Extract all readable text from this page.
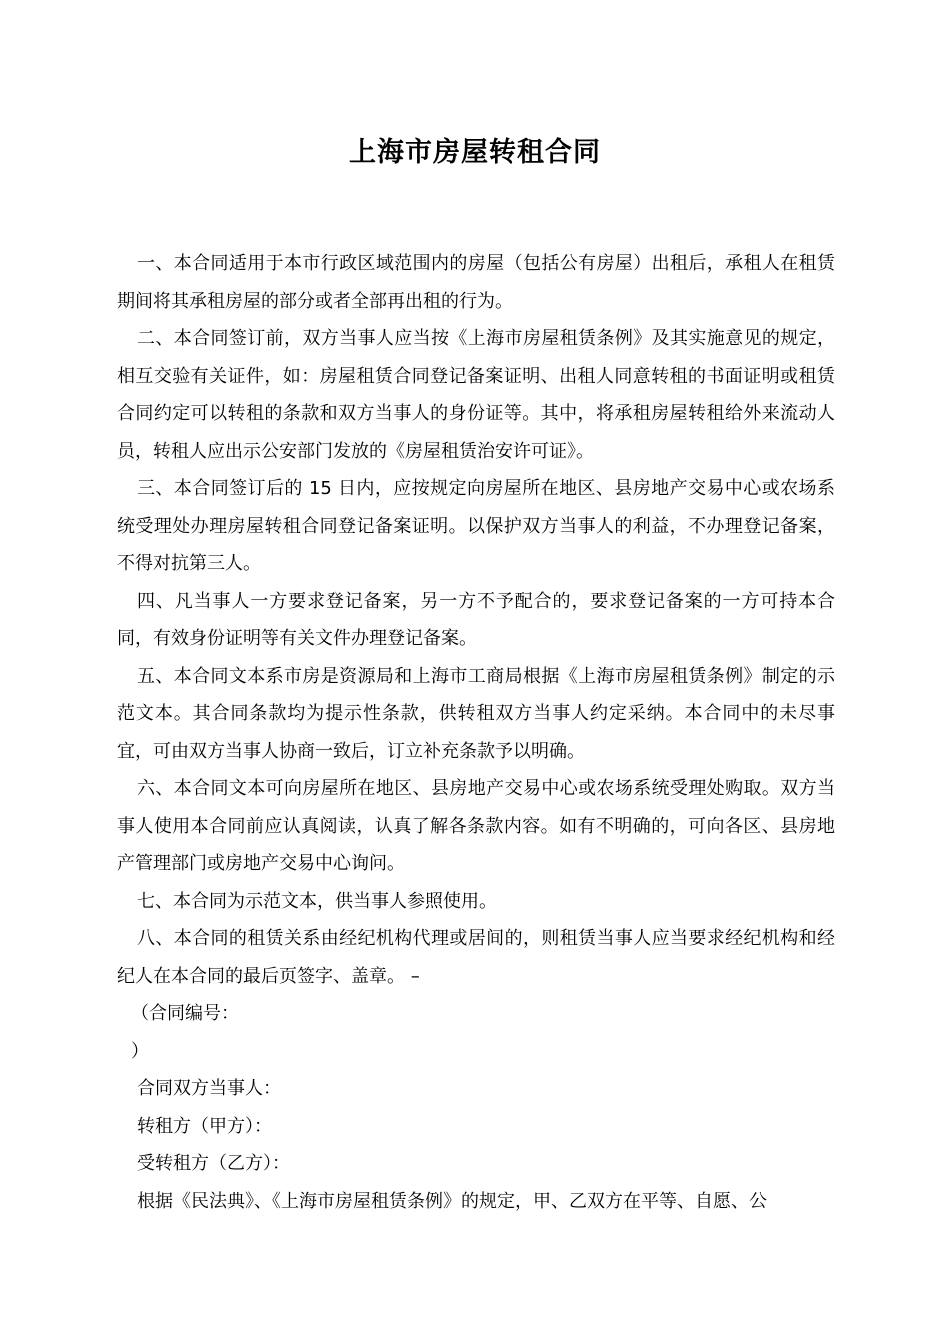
上海市房屋转租合同

一、本合同适用于本市行政区域范围内的房屋（包括公有房屋）出租后，承租人在租赁期间将其承租房屋的部分或者全部再出租的行为。

二、本合同签订前，双方当事人应当按《上海市房屋租赁条例》及其实施意见的规定，相互交验有关证件，如：房屋租赁合同登记备案证明、出租人同意转租的书面证明或租赁合同约定可以转租的条款和双方当事人的身份证等。其中，将承租房屋转租给外来流动人员，转租人应出示公安部门发放的《房屋租赁治安许可证》。

三、本合同签订后的 15 日内，应按规定向房屋所在地区、县房地产交易中心或农场系统受理处办理房屋转租合同登记备案证明。以保护双方当事人的利益，不办理登记备案，不得对抗第三人。

四、凡当事人一方要求登记备案，另一方不予配合的，要求登记备案的一方可持本合同，有效身份证明等有关文件办理登记备案。

五、本合同文本系市房是资源局和上海市工商局根据《上海市房屋租赁条例》制定的示范文本。其合同条款均为提示性条款，供转租双方当事人约定采纳。本合同中的未尽事宜，可由双方当事人协商一致后，订立补充条款予以明确。

六、本合同文本可向房屋所在地区、县房地产交易中心或农场系统受理处购取。双方当事人使用本合同前应认真阅读，认真了解各条款内容。如有不明确的，可向各区、县房地产管理部门或房地产交易中心询问。

七、本合同为示范文本，供当事人参照使用。

八、本合同的租赁关系由经纪机构代理或居间的，则租赁当事人应当要求经纪机构和经纪人在本合同的最后页签字、盖章。 –

（合同编号：

）

合同双方当事人：

转租方（甲方）：

受转租方（乙方）：

根据《民法典》、《上海市房屋租赁条例》的规定，甲、乙双方在平等、自愿、公
